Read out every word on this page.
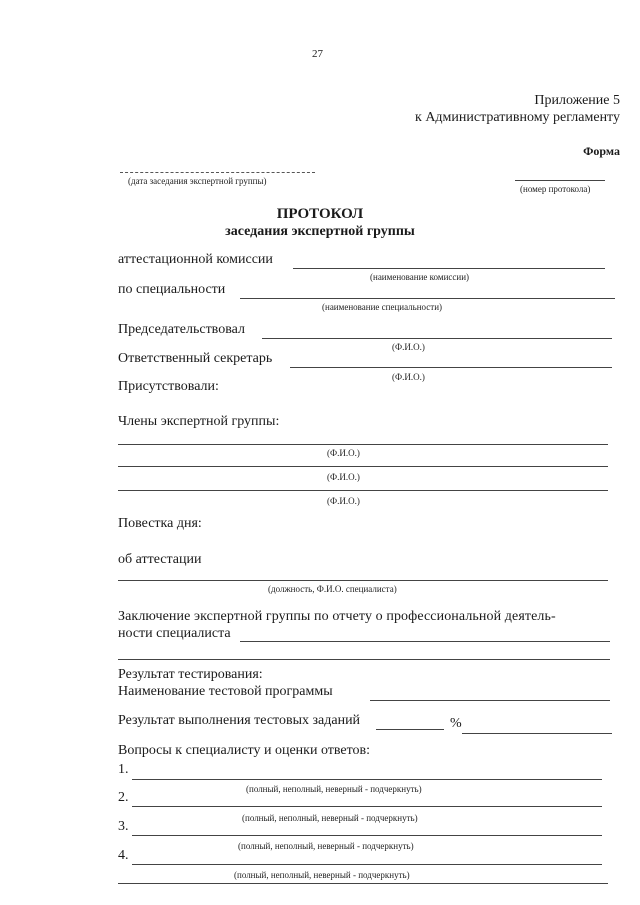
27
Приложение 5
к Административному регламенту
Форма
(дата заседания экспертной группы)
(номер протокола)
ПРОТОКОЛ
заседания экспертной группы
аттестационной комиссии
(наименование комиссии)
по специальности
(наименование специальности)
Председательствовал
(Ф.И.О.)
Ответственный секретарь
(Ф.И.О.)
Присутствовали:
Члены экспертной группы:
(Ф.И.О.)
(Ф.И.О.)
(Ф.И.О.)
Повестка дня:
об аттестации
(должность, Ф.И.О. специалиста)
Заключение экспертной группы по отчету о профессиональной деятель-
ности специалиста
Результат тестирования:
Наименование тестовой программы
Результат выполнения тестовых заданий	%
Вопросы к специалисту и оценки ответов:
1.
(полный, неполный, неверный - подчеркнуть)
2.
(полный, неполный, неверный - подчеркнуть)
3.
(полный, неполный, неверный - подчеркнуть)
4.
(полный, неполный, неверный - подчеркнуть)
